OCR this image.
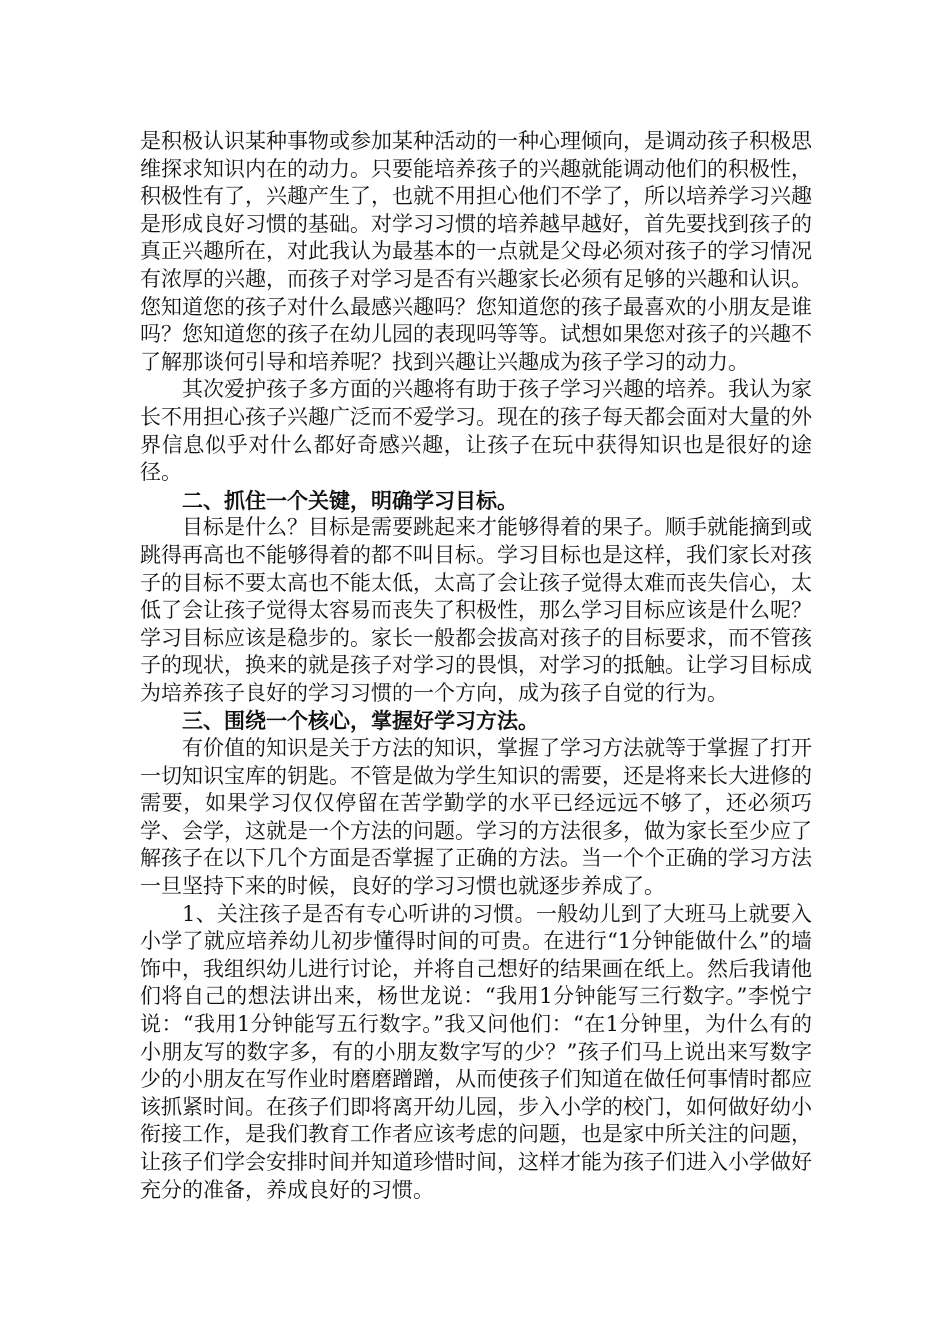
是积极认识某种事物或参加某种活动的一种心理倾向，是调动孩子积极思维探求知识内在的动力。只要能培养孩子的兴趣就能调动他们的积极性，积极性有了，兴趣产生了，也就不用担心他们不学了，所以培养学习兴趣是形成良好习惯的基础。对学习习惯的培养越早越好，首先要找到孩子的真正兴趣所在，对此我认为最基本的一点就是父母必须对孩子的学习情况有浓厚的兴趣，而孩子对学习是否有兴趣家长必须有足够的兴趣和认识。您知道您的孩子对什么最感兴趣吗？您知道您的孩子最喜欢的小朋友是谁吗？您知道您的孩子在幼儿园的表现吗等等。试想如果您对孩子的兴趣不了解那谈何引导和培养呢？找到兴趣让兴趣成为孩子学习的动力。

其次爱护孩子多方面的兴趣将有助于孩子学习兴趣的培养。我认为家长不用担心孩子兴趣广泛而不爱学习。现在的孩子每天都会面对大量的外界信息似乎对什么都好奇感兴趣，让孩子在玩中获得知识也是很好的途径。

二、抓住一个关键，明确学习目标。

目标是什么？目标是需要跳起来才能够得着的果子。顺手就能摘到或跳得再高也不能够得着的都不叫目标。学习目标也是这样，我们家长对孩子的目标不要太高也不能太低，太高了会让孩子觉得太难而丧失信心，太低了会让孩子觉得太容易而丧失了积极性，那么学习目标应该是什么呢？学习目标应该是稳步的。家长一般都会拔高对孩子的目标要求，而不管孩子的现状，换来的就是孩子对学习的畏惧，对学习的抵触。让学习目标成为培养孩子良好的学习习惯的一个方向，成为孩子自觉的行为。

三、围绕一个核心，掌握好学习方法。

有价值的知识是关于方法的知识，掌握了学习方法就等于掌握了打开一切知识宝库的钥匙。不管是做为学生知识的需要，还是将来长大进修的需要，如果学习仅仅停留在苦学勤学的水平已经远远不够了，还必须巧学、会学，这就是一个方法的问题。学习的方法很多，做为家长至少应了解孩子在以下几个方面是否掌握了正确的方法。当一个个正确的学习方法一旦坚持下来的时候，良好的学习习惯也就逐步养成了。

1、关注孩子是否有专心听讲的习惯。一般幼儿到了大班马上就要入小学了就应培养幼儿初步懂得时间的可贵。在进行“1分钟能做什么”的墙饰中，我组织幼儿进行讨论，并将自己想好的结果画在纸上。然后我请他们将自己的想法讲出来，杨世龙说：“我用1分钟能写三行数字。”李悦宁说：“我用1分钟能写五行数字。”我又问他们：“在1分钟里，为什么有的小朋友写的数字多，有的小朋友数字写的少？”孩子们马上说出来写数字少的小朋友在写作业时磨磨蹭蹭，从而使孩子们知道在做任何事情时都应该抓紧时间。在孩子们即将离开幼儿园，步入小学的校门，如何做好幼小衔接工作，是我们教育工作者应该考虑的问题，也是家中所关注的问题，让孩子们学会安排时间并知道珍惜时间，这样才能为孩子们进入小学做好充分的准备，养成良好的习惯。
